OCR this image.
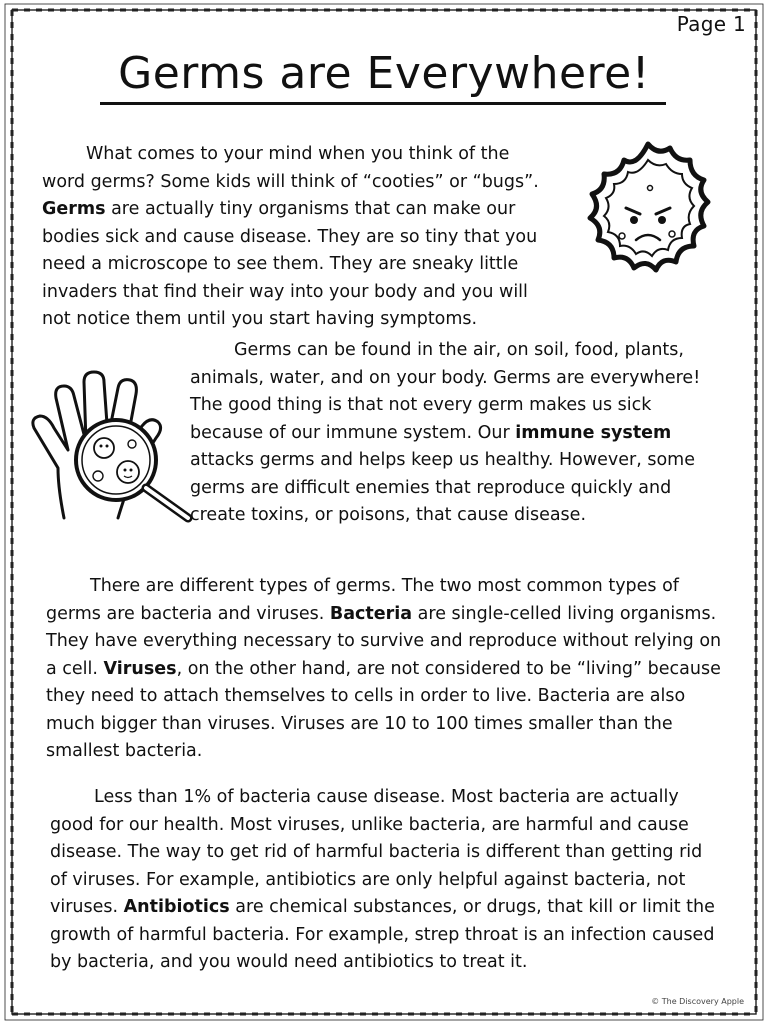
Page 1
Germs are Everywhere!

What comes to your mind when you think of the word germs? Some kids will think of “cooties” or “bugs”. Germs are actually tiny organisms that can make our bodies sick and cause disease. They are so tiny that you need a microscope to see them. They are sneaky little invaders that find their way into your body and you will not notice them until you start having symptoms.

Germs can be found in the air, on soil, food, plants, animals, water, and on your body. Germs are everywhere! The good thing is that not every germ makes us sick because of our immune system. Our immune system attacks germs and helps keep us healthy. However, some germs are difficult enemies that reproduce quickly and create toxins, or poisons, that cause disease.

There are different types of germs. The two most common types of germs are bacteria and viruses. Bacteria are single-celled living organisms. They have everything necessary to survive and reproduce without relying on a cell. Viruses, on the other hand, are not considered to be “living” because they need to attach themselves to cells in order to live. Bacteria are also much bigger than viruses. Viruses are 10 to 100 times smaller than the smallest bacteria.

Less than 1% of bacteria cause disease. Most bacteria are actually good for our health. Most viruses, unlike bacteria, are harmful and cause disease. The way to get rid of harmful bacteria is different than getting rid of viruses. For example, antibiotics are only helpful against bacteria, not viruses. Antibiotics are chemical substances, or drugs, that kill or limit the growth of harmful bacteria. For example, strep throat is an infection caused by bacteria, and you would need antibiotics to treat it.

© The Discovery Apple
